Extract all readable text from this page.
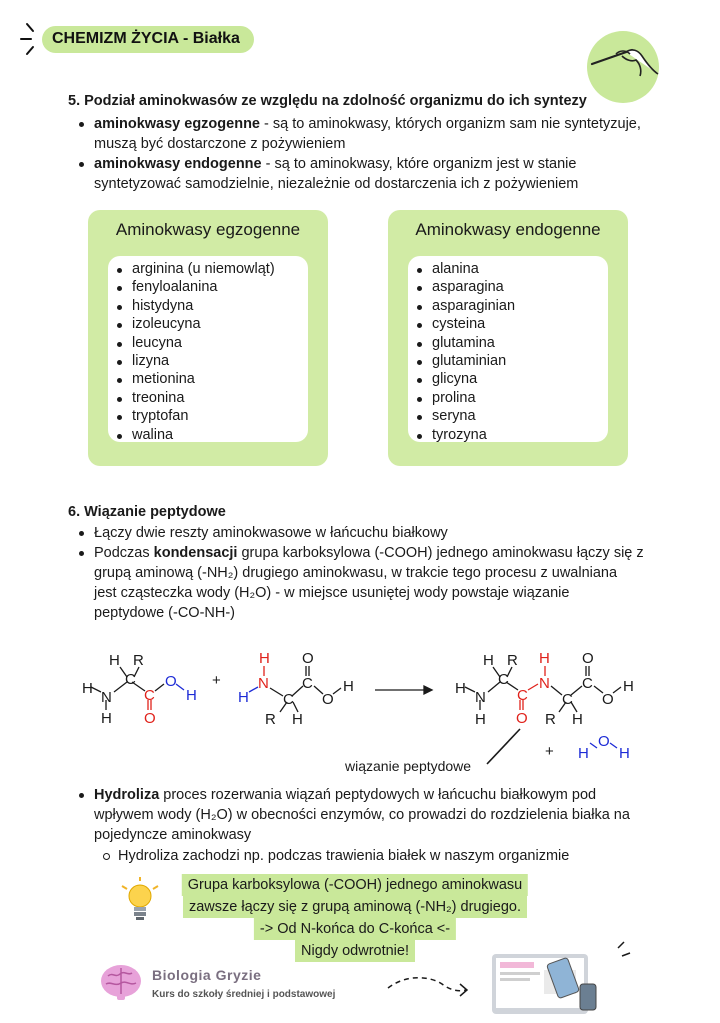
CHEMIZM ŻYCIA - Białka
5. Podział aminokwasów ze względu na zdolność organizmu do ich syntezy
aminokwasy egzogenne - są to aminokwasy, których organizm sam nie syntetyzuje,
muszą być dostarczone z pożywieniem
aminokwasy endogenne - są to aminokwasy, które organizm jest w stanie
syntetyzować samodzielnie, niezależnie od dostarczenia ich z pożywieniem
Aminokwasy egzogenne
arginina (u niemowląt)
fenyloalanina
histydyna
izoleucyna
leucyna
lizyna
metionina
treonina
tryptofan
walina
Aminokwasy endogenne
alanina
asparagina
asparaginian
cysteina
glutamina
glutaminian
glicyna
prolina
seryna
tyrozyna
6. Wiązanie peptydowe
Łączy dwie reszty aminokwasowe w łańcuchu białkowy
Podczas kondensacji grupa karboksylowa (-COOH) jednego aminokwasu łączy się z
grupą aminową (-NH₂) drugiego aminokwasu, w trakcie tego procesu z uwalniana
jest cząsteczka wody (H₂O) - w miejsce usuniętej wody powstaje wiązanie
peptydowe (-CO-NH-)
H
N
H
H R
C
C
O
O
H
+
H
N
H C
C
O
O
H
R H
H
N
H
H R
C
C
O
H
N
C
C
O
O
H
R H
wiązanie peptydowe
+ H
O
H
Hydroliza proces rozerwania wiązań peptydowych w łańcuchu białkowym pod
wpływem wody (H₂O) w obecności enzymów, co prowadzi do rozdzielenia białka na
pojedyncze aminokwasy
Hydroliza zachodzi np. podczas trawienia białek w naszym organizmie
Grupa karboksylowa (-COOH) jednego aminokwasu
zawsze łączy się z grupą aminową (-NH₂) drugiego.
-> Od N-końca do C-końca <-
Nigdy odwrotnie!
Biologia Gryzie
Kurs do szkoły średniej i podstawowej
